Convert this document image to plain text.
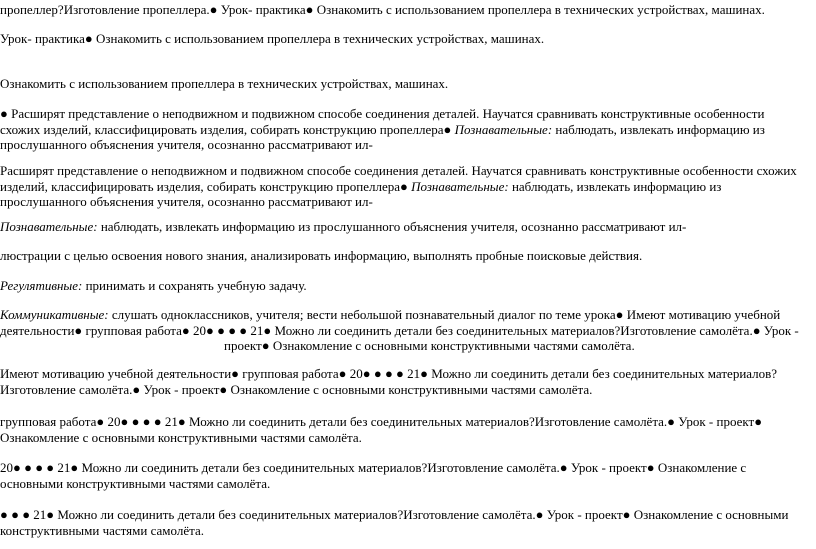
пропеллер?Изготовление пропеллера.● Урок- практика● Ознакомить с использованием пропеллера в технических устройствах, машинах.

Урок- практика● Ознакомить с использованием пропеллера в технических устройствах, машинах.

Ознакомить с использованием пропеллера в технических устройствах, машинах.

● Расширят представление о неподвижном и подвижном способе соединения деталей. Научатся сравнивать конструктивные особенности схожих изделий, классифицировать изделия, собирать конструкцию пропеллера● Познавательные: наблюдать, извлекать информацию из прослушанного объяснения учителя, осознанно рассматривают ил-

Расширят представление о неподвижном и подвижном способе соединения деталей. Научатся сравнивать конструктивные особенности схожих изделий, классифицировать изделия, собирать конструкцию пропеллера● Познавательные: наблюдать, извлекать информацию из прослушанного объяснения учителя, осознанно рассматривают ил-

Познавательные: наблюдать, извлекать информацию из прослушанного объяснения учителя, осознанно рассматривают ил-

люстрации с целью освоения нового знания, анализировать информацию, выполнять пробные поисковые действия.

Регулятивные: принимать и сохранять учебную задачу.

Коммуникативные: слушать одноклассников, учителя; вести небольшой познавательный диалог по теме урока● Имеют мотивацию учебной деятельности● групповая работа● 20● ● ● ● 21● Можно ли соединить детали без соединительных материалов?Изготовление самолёта.● Урок -

проект● Ознакомление с основными конструктивными частями самолёта.

Имеют мотивацию учебной деятельности● групповая работа● 20● ● ● ● 21● Можно ли соединить детали без соединительных материалов?Изготовление самолёта.● Урок - проект● Ознакомление с основными конструктивными частями самолёта.

групповая работа● 20● ● ● ● 21● Можно ли соединить детали без соединительных материалов?Изготовление самолёта.● Урок - проект● Ознакомление с основными конструктивными частями самолёта.

20● ● ● ● 21● Можно ли соединить детали без соединительных материалов?Изготовление самолёта.● Урок - проект● Ознакомление с основными конструктивными частями самолёта.

● ● ● 21● Можно ли соединить детали без соединительных материалов?Изготовление самолёта.● Урок - проект● Ознакомление с основными конструктивными частями самолёта.
